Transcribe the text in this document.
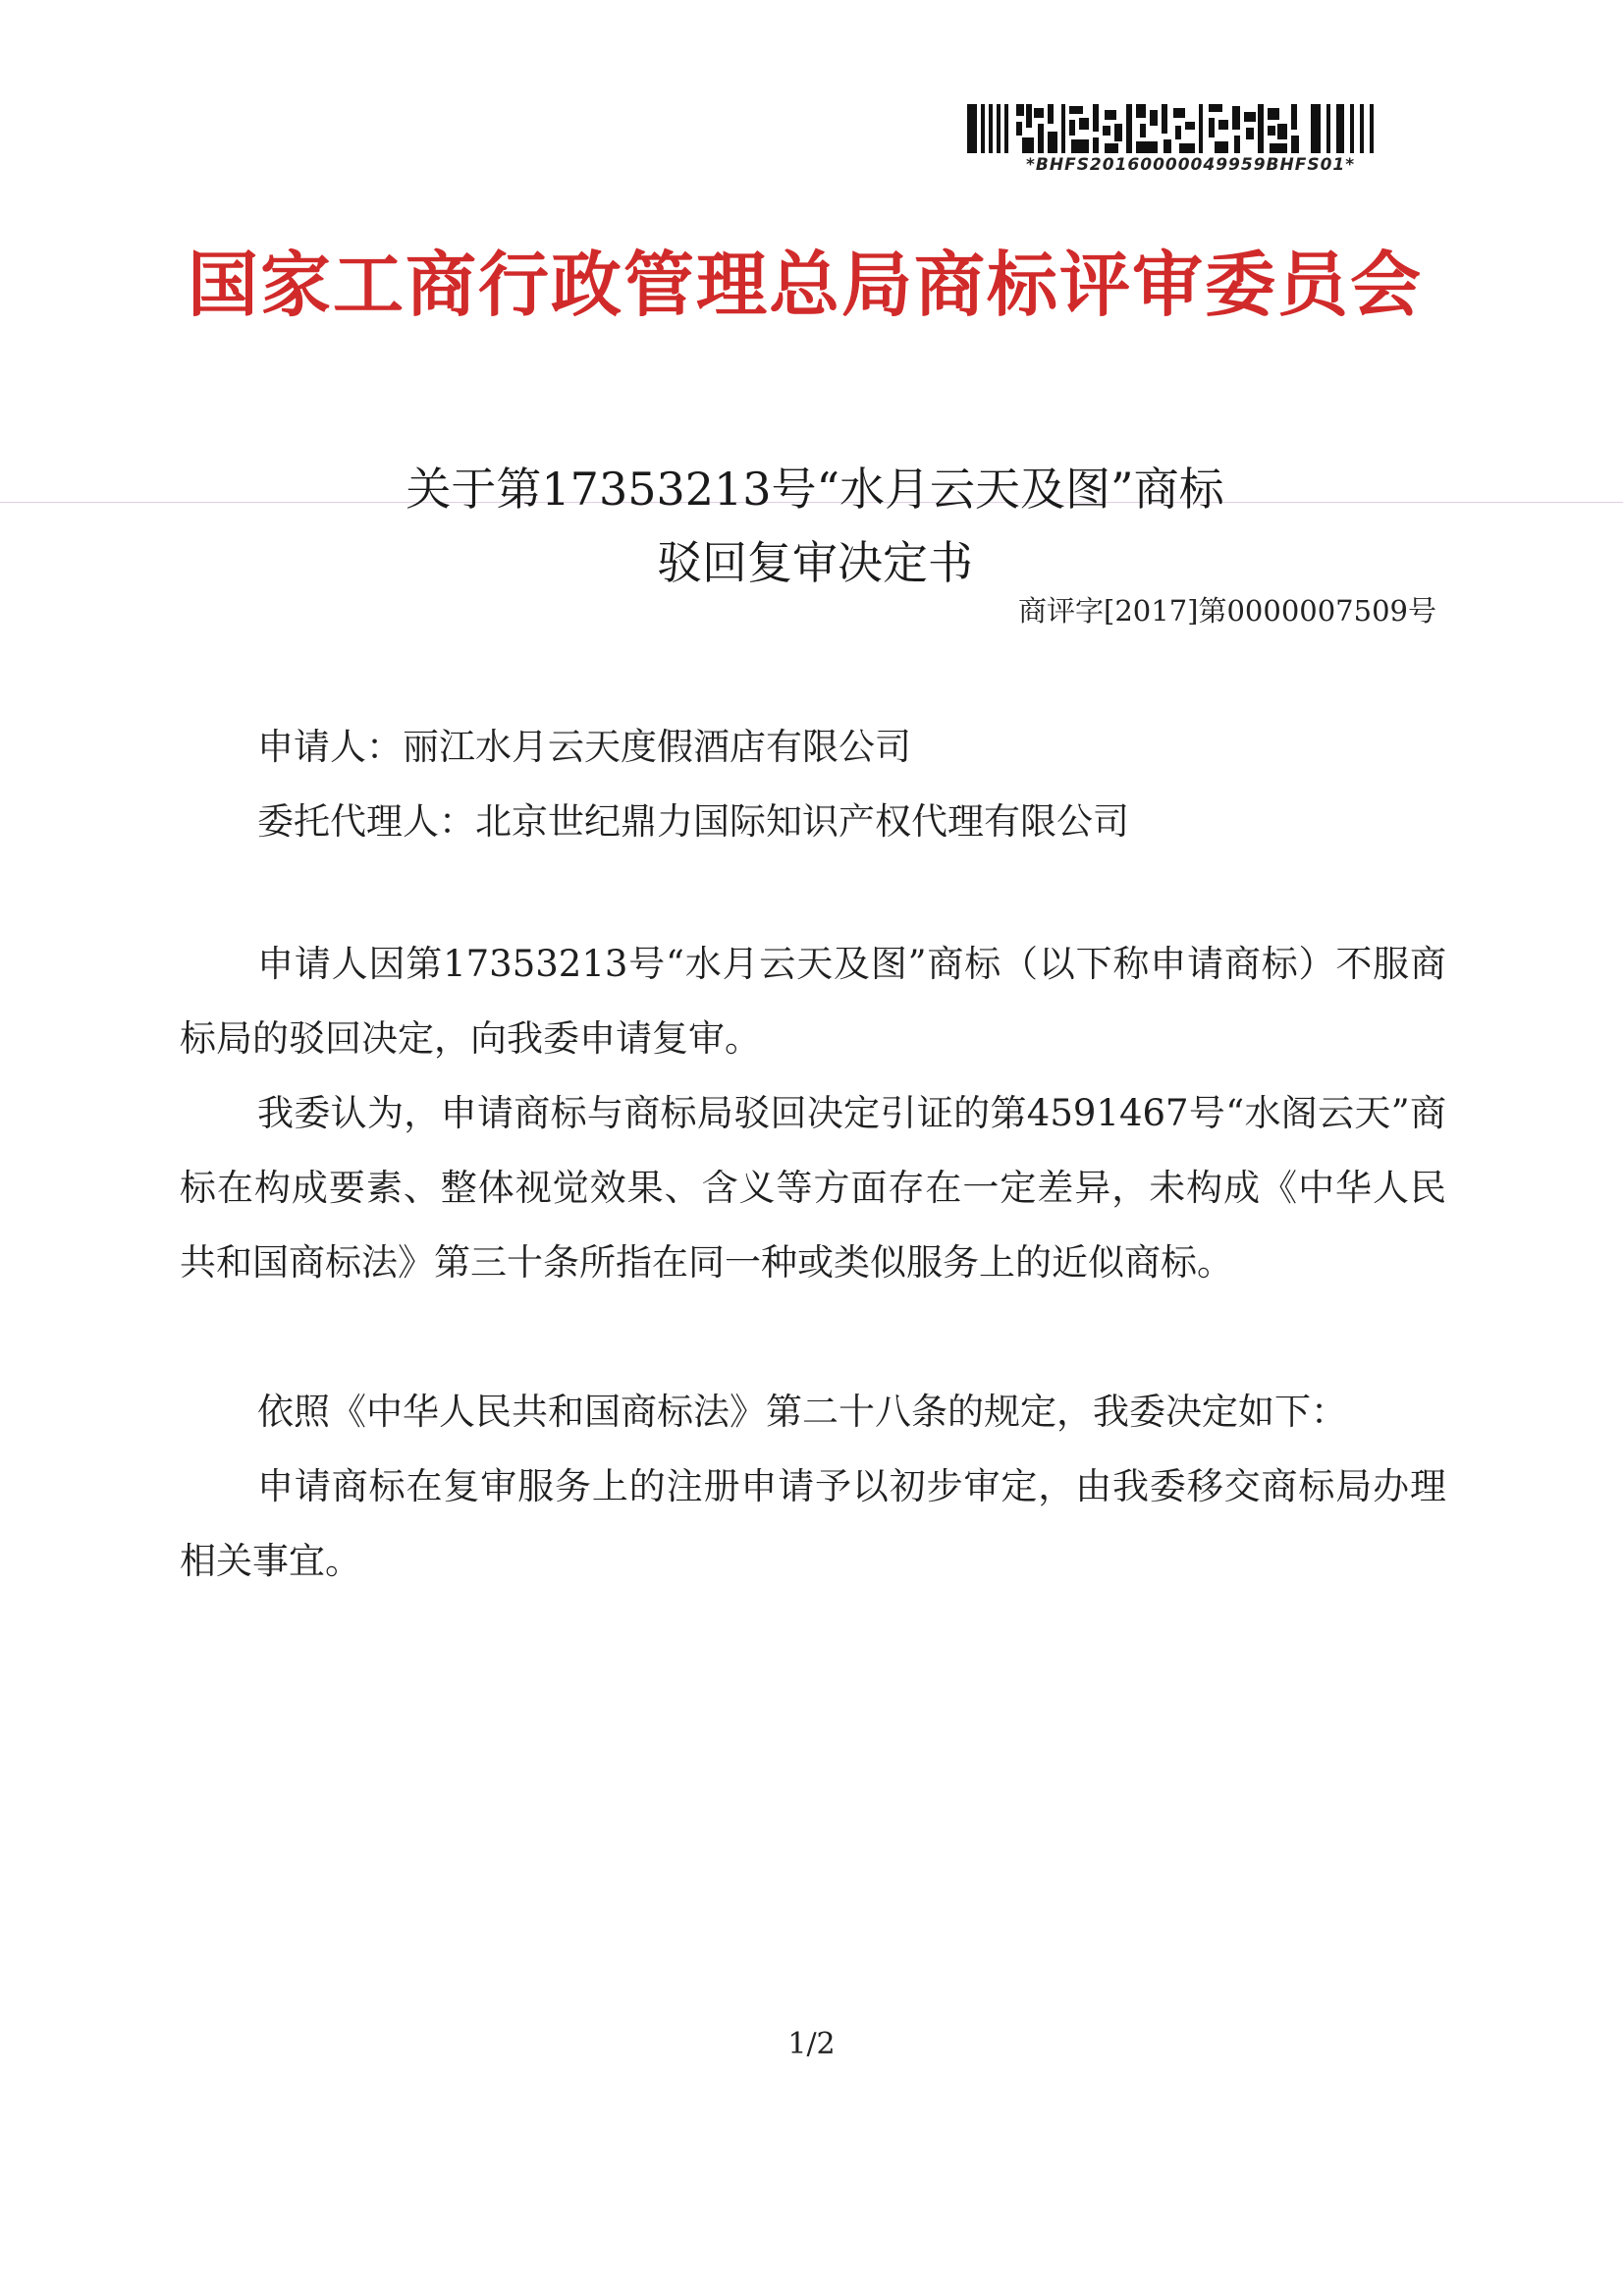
*BHFS20160000049959BHFS01*
国家工商行政管理总局商标评审委员会
关于第17353213号“水月云天及图”商标
驳回复审决定书
商评字[2017]第0000007509号
申请人：丽江水月云天度假酒店有限公司
委托代理人：北京世纪鼎力国际知识产权代理有限公司

申请人因第17353213号“水月云天及图”商标（以下称申请商标）不服商标局的驳回决定，向我委申请复审。

我委认为，申请商标与商标局驳回决定引证的第4591467号“水阁云天”商标在构成要素、整体视觉效果、含义等方面存在一定差异，未构成《中华人民共和国商标法》第三十条所指在同一种或类似服务上的近似商标。

依照《中华人民共和国商标法》第二十八条的规定，我委决定如下：

申请商标在复审服务上的注册申请予以初步审定，由我委移交商标局办理相关事宜。

1/2
